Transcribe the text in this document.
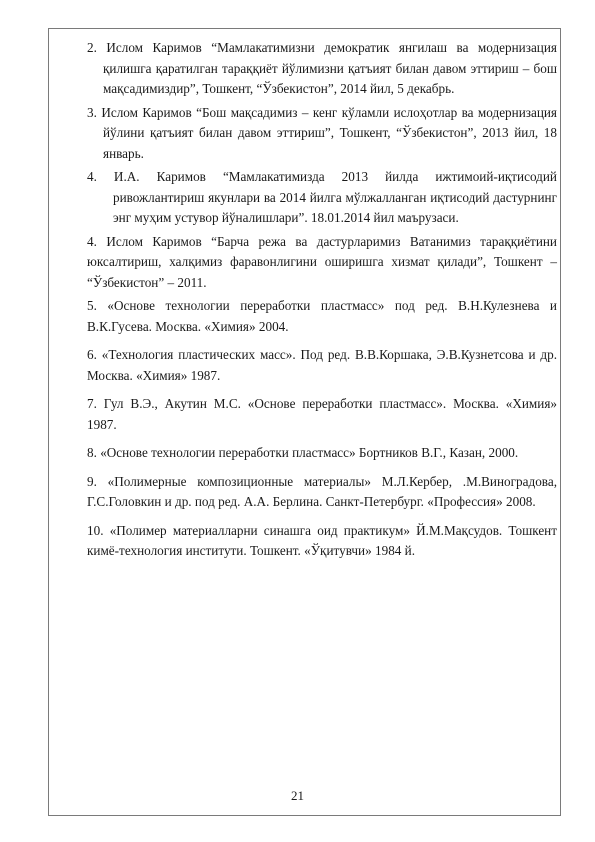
2. Ислом Каримов “Мамлакатимизни демократик янгилаш ва модернизация қилишга қаратилган тараққиёт йўлимизни қатъият билан давом эттириш – бош мақсадимиздир”, Тошкент, “Ўзбекистон”, 2014 йил, 5 декабрь.

3. Ислом Каримов “Бош мақсадимиз – кенг кўламли ислоҳотлар ва модернизация йўлини қатъият билан давом эттириш”, Тошкент, “Ўзбекистон”, 2013 йил, 18 январь.

4. И.А. Каримов “Мамлакатимизда 2013 йилда ижтимоий-иқтисодий ривожлантириш якунлари ва 2014 йилга мўлжалланган иқтисодий дастурнинг энг муҳим устувор йўналишлари”. 18.01.2014 йил маърузаси.

4. Ислом Каримов “Барча режа ва дастурларимиз Ватанимиз тараққиётини юксалтириш, халқимиз фаравонлигини оширишга хизмат қилади”, Тошкент – “Ўзбекистон” – 2011.

5. «Основе технологии переработки пластмасс» под ред. В.Н.Кулезнева и В.К.Гусева. Москва. «Химия» 2004.

6. «Технология пластических масс». Под ред. В.В.Коршака, Э.В.Кузнетсова и др. Москва. «Химия» 1987.

7. Гул В.Э., Акутин М.С. «Основе переработки пластмасс». Москва. «Химия» 1987.

8. «Основе технологии переработки пластмасс» Бортников В.Г., Казан, 2000.

9. «Полимерные композиционные материалы» М.Л.Кербер, .М.Виноградова, Г.С.Головкин и др. под ред. А.А. Берлина. Санкт-Петербург. «Профессия» 2008.

10. «Полимер материалларни синашга оид практикум» Й.М.Мақсудов. Тошкент кимё-технология институти. Тошкент. «Ўқитувчи» 1984 й.

21
